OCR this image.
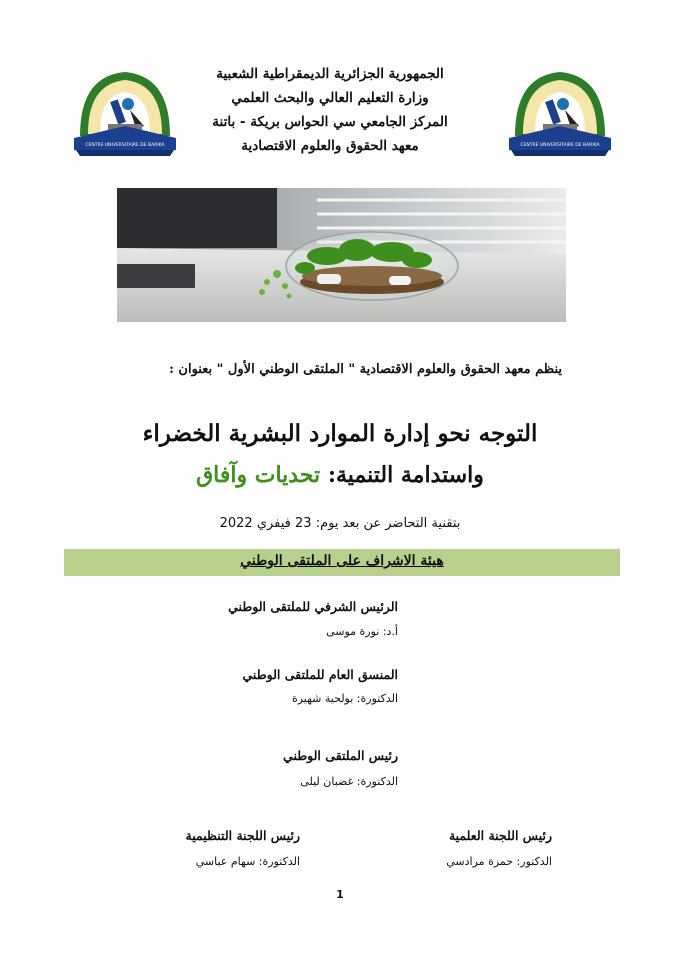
CENTRE UNIVERSITAIRE DE BARIKA	CENTRE UNIVERSITAIRE DE BARIKA
الجمهورية الجزائرية الديمقراطية الشعبية
وزارة التعليم العالي والبحث العلمي
المركز الجامعي سي الحواس بريكة - باتنة
معهد الحقوق والعلوم الاقتصادية
ينظم معهد الحقوق والعلوم الاقتصادية " الملتقى الوطني الأول " بعنوان :
التوجه نحو إدارة الموارد البشرية الخضراء
واستدامة التنمية: تحديات وآفاق
بتقنية التحاضر عن بعد يوم: 23 فيفري 2022
هيئة الاشراف على الملتقى الوطني
الرئيس الشرفي للملتقى الوطني
أ.د: نورة موسى
المنسق العام للملتقى الوطني
الدكتورة: بولحية شهيرة
رئيس الملتقى الوطني
الدكتورة: غضبان ليلى
رئيس اللجنة العلمية
الدكتور: حمزة مرادسي
رئيس اللجنة التنظيمية
الدكتورة: سهام عباسي
1
